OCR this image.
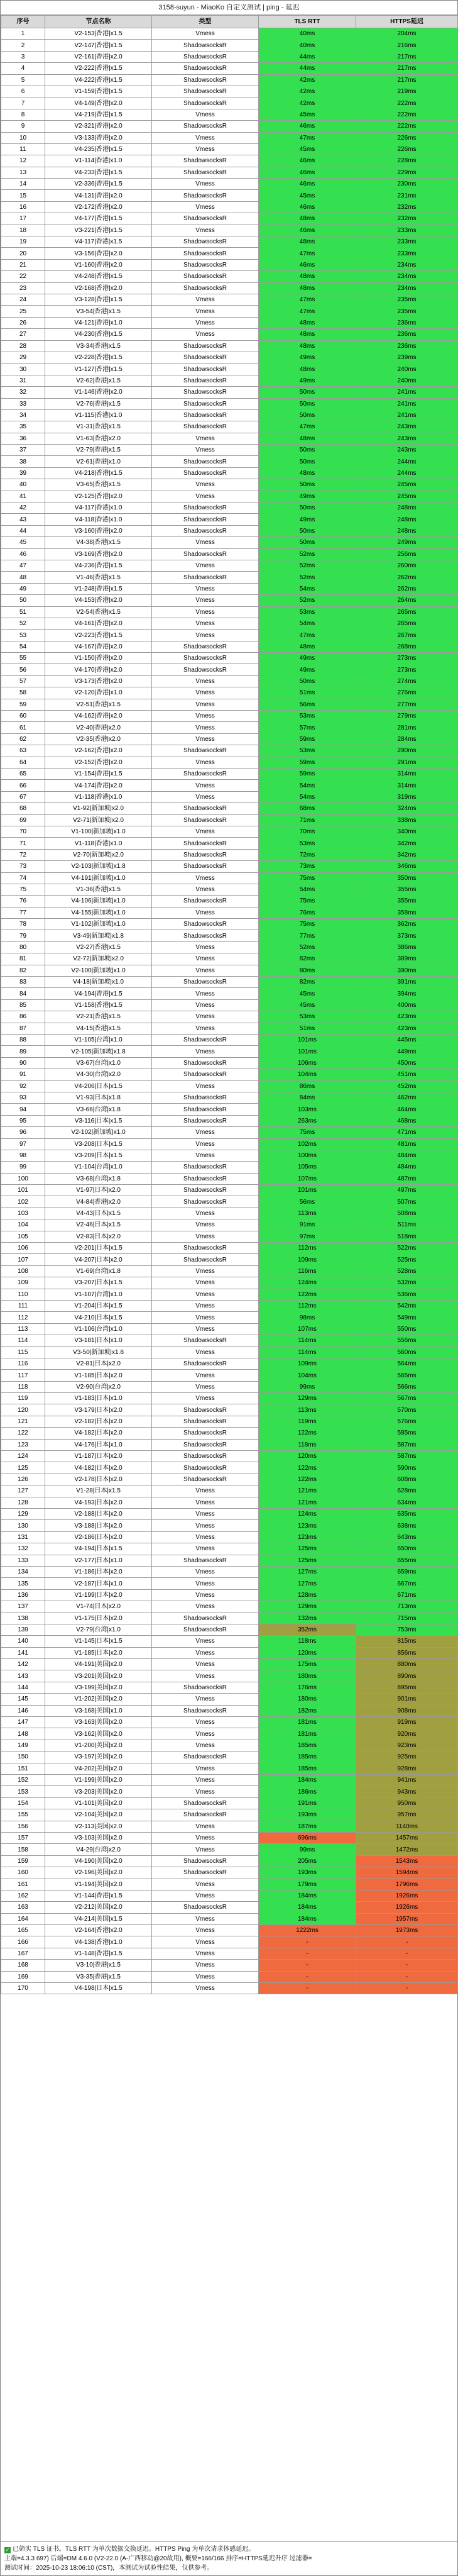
3158-suyun - MiaoKo 自定义测试 | ping - 延迟
序号	节点名称	类型	TLS RTT	HTTPS延迟
1	V2-153|香港|x1.5	Vmess	40ms	204ms
2	V2-147|香港|x1.5	ShadowsocksR	40ms	216ms
3	V2-161|香港|x2.0	ShadowsocksR	44ms	217ms
4	V2-222|香港|x1.5	ShadowsocksR	44ms	217ms
5	V4-222|香港|x1.5	ShadowsocksR	42ms	217ms
6	V1-159|香港|x1.5	ShadowsocksR	42ms	219ms
7	V4-149|香港|x2.0	ShadowsocksR	42ms	222ms
8	V4-219|香港|x1.5	Vmess	45ms	222ms
9	V2-321|香港|x2.0	ShadowsocksR	46ms	222ms
10	V3-133|香港|x2.0	Vmess	47ms	226ms
11	V4-235|香港|x1.5	Vmess	45ms	226ms
12	V1-114|香港|x1.0	ShadowsocksR	46ms	228ms
13	V4-233|香港|x1.5	ShadowsocksR	46ms	229ms
14	V2-336|香港|x1.5	Vmess	46ms	230ms
15	V4-131|香港|x2.0	ShadowsocksR	45ms	231ms
16	V2-172|香港|x2.0	Vmess	46ms	232ms
17	V4-177|香港|x1.5	ShadowsocksR	48ms	232ms
18	V3-221|香港|x1.5	Vmess	46ms	233ms
19	V4-117|香港|x1.5	ShadowsocksR	48ms	233ms
20	V3-156|香港|x2.0	ShadowsocksR	47ms	233ms
21	V1-160|香港|x2.0	ShadowsocksR	46ms	234ms
22	V4-248|香港|x1.5	ShadowsocksR	48ms	234ms
23	V2-168|香港|x2.0	ShadowsocksR	48ms	234ms
24	V3-128|香港|x1.5	Vmess	47ms	235ms
25	V3-54|香港|x1.5	Vmess	47ms	235ms
26	V4-121|香港|x1.0	Vmess	48ms	236ms
27	V4-230|香港|x1.5	Vmess	48ms	236ms
28	V3-34|香港|x1.5	ShadowsocksR	48ms	236ms
29	V2-228|香港|x1.5	ShadowsocksR	49ms	239ms
30	V1-127|香港|x1.5	ShadowsocksR	48ms	240ms
31	V2-62|香港|x1.5	ShadowsocksR	49ms	240ms
32	V1-146|香港|x2.0	ShadowsocksR	50ms	241ms
33	V2-76|香港|x1.5	ShadowsocksR	50ms	241ms
34	V1-115|香港|x1.0	ShadowsocksR	50ms	241ms
35	V1-31|香港|x1.5	ShadowsocksR	47ms	243ms
36	V1-63|香港|x2.0	Vmess	48ms	243ms
37	V2-79|香港|x1.5	Vmess	50ms	243ms
38	V2-61|香港|x1.0	ShadowsocksR	50ms	244ms
39	V4-218|香港|x1.5	ShadowsocksR	48ms	244ms
40	V3-65|香港|x1.5	Vmess	50ms	245ms
41	V2-125|香港|x2.0	Vmess	49ms	245ms
42	V4-117|香港|x1.0	ShadowsocksR	50ms	248ms
43	V4-118|香港|x1.0	ShadowsocksR	49ms	248ms
44	V3-160|香港|x2.0	ShadowsocksR	50ms	248ms
45	V4-38|香港|x1.5	Vmess	50ms	249ms
46	V3-169|香港|x2.0	ShadowsocksR	52ms	256ms
47	V4-236|香港|x1.5	Vmess	52ms	260ms
48	V1-46|香港|x1.5	ShadowsocksR	52ms	262ms
49	V1-248|香港|x1.5	Vmess	54ms	262ms
50	V4-153|香港|x2.0	Vmess	52ms	264ms
51	V2-54|香港|x1.5	Vmess	53ms	265ms
52	V4-161|香港|x2.0	Vmess	54ms	265ms
53	V2-223|香港|x1.5	Vmess	47ms	267ms
54	V4-167|香港|x2.0	ShadowsocksR	48ms	268ms
55	V1-150|香港|x2.0	ShadowsocksR	49ms	273ms
56	V4-170|香港|x2.0	ShadowsocksR	49ms	273ms
57	V3-173|香港|x2.0	Vmess	50ms	274ms
58	V2-120|香港|x1.0	Vmess	51ms	276ms
59	V2-51|香港|x1.5	Vmess	56ms	277ms
60	V4-162|香港|x2.0	Vmess	53ms	279ms
61	V2-40|香港|x2.0	Vmess	57ms	281ms
62	V2-35|香港|x2.0	Vmess	59ms	284ms
63	V2-162|香港|x2.0	ShadowsocksR	53ms	290ms
64	V2-152|香港|x2.0	Vmess	59ms	291ms
65	V1-154|香港|x1.5	ShadowsocksR	59ms	314ms
66	V4-174|香港|x2.0	Vmess	54ms	314ms
67	V1-118|香港|x1.0	Vmess	54ms	319ms
68	V1-92|新加坡|x2.0	ShadowsocksR	68ms	324ms
69	V2-71|新加坡|x2.0	ShadowsocksR	71ms	338ms
70	V1-100|新加坡|x1.0	Vmess	70ms	340ms
71	V1-118|香港|x1.0	ShadowsocksR	53ms	342ms
72	V2-70|新加坡|x2.0	ShadowsocksR	72ms	342ms
73	V2-103|新加坡|x1.8	ShadowsocksR	73ms	346ms
74	V4-191|新加坡|x1.0	Vmess	75ms	350ms
75	V1-36|香港|x1.5	Vmess	54ms	355ms
76	V4-106|新加坡|x1.0	ShadowsocksR	75ms	355ms
77	V4-155|新加坡|x1.0	Vmess	76ms	358ms
78	V1-102|新加坡|x1.0	ShadowsocksR	75ms	362ms
79	V3-49|新加坡|x1.8	ShadowsocksR	77ms	373ms
80	V2-27|香港|x1.5	Vmess	52ms	386ms
81	V2-72|新加坡|x2.0	Vmess	82ms	389ms
82	V2-100|新加坡|x1.0	Vmess	80ms	390ms
83	V4-18|新加坡|x1.0	ShadowsocksR	82ms	391ms
84	V4-194|香港|x1.5	Vmess	45ms	394ms
85	V1-158|香港|x1.5	Vmess	45ms	400ms
86	V2-21|香港|x1.5	Vmess	53ms	423ms
87	V4-15|香港|x1.5	Vmess	51ms	423ms
88	V1-105|台湾|x1.0	ShadowsocksR	101ms	445ms
89	V2-105|新加坡|x1.8	Vmess	101ms	449ms
90	V3-67|台湾|x1.0	ShadowsocksR	106ms	450ms
91	V4-30|台湾|x2.0	ShadowsocksR	104ms	451ms
92	V4-206|日本|x1.5	Vmess	86ms	452ms
93	V1-93|日本|x1.8	ShadowsocksR	84ms	462ms
94	V3-66|台湾|x1.8	ShadowsocksR	103ms	464ms
95	V3-116|日本|x1.5	ShadowsocksR	263ms	468ms
96	V2-102|新加坡|x1.0	Vmess	75ms	471ms
97	V3-208|日本|x1.5	Vmess	102ms	481ms
98	V3-209|日本|x1.5	Vmess	100ms	484ms
99	V1-104|台湾|x1.0	ShadowsocksR	105ms	484ms
100	V3-68|台湾|x1.8	ShadowsocksR	107ms	487ms
101	V1-97|日本|x2.0	ShadowsocksR	101ms	497ms
102	V4-84|香港|x2.0	ShadowsocksR	56ms	507ms
103	V4-43|日本|x1.5	Vmess	113ms	508ms
104	V2-46|日本|x1.5	Vmess	91ms	511ms
105	V2-83|日本|x2.0	Vmess	97ms	518ms
106	V2-201|日本|x1.5	ShadowsocksR	112ms	522ms
107	V4-207|日本|x2.0	ShadowsocksR	109ms	525ms
108	V1-69|台湾|x1.8	Vmess	116ms	528ms
109	V3-207|日本|x1.5	Vmess	124ms	532ms
110	V1-107|台湾|x1.0	Vmess	122ms	536ms
111	V1-204|日本|x1.5	Vmess	112ms	542ms
112	V4-210|日本|x1.5	Vmess	98ms	549ms
113	V1-106|台湾|x1.0	Vmess	107ms	550ms
114	V3-181|日本|x1.0	ShadowsocksR	114ms	556ms
115	V3-50|新加坡|x1.8	Vmess	114ms	560ms
116	V2-81|日本|x2.0	ShadowsocksR	109ms	564ms
117	V1-185|日本|x2.0	Vmess	104ms	565ms
118	V2-90|台湾|x2.0	Vmess	99ms	566ms
119	V1-183|日本|x1.0	Vmess	129ms	567ms
120	V3-179|日本|x2.0	ShadowsocksR	113ms	570ms
121	V2-182|日本|x2.0	ShadowsocksR	119ms	576ms
122	V4-182|日本|x2.0	ShadowsocksR	122ms	585ms
123	V4-176|日本|x1.0	ShadowsocksR	118ms	587ms
124	V1-187|日本|x2.0	ShadowsocksR	120ms	587ms
125	V4-182|日本|x2.0	ShadowsocksR	122ms	590ms
126	V2-178|日本|x2.0	ShadowsocksR	122ms	608ms
127	V1-28|日本|x1.5	Vmess	121ms	628ms
128	V4-193|日本|x2.0	Vmess	121ms	634ms
129	V2-188|日本|x2.0	Vmess	124ms	635ms
130	V3-188|日本|x2.0	Vmess	123ms	638ms
131	V2-186|日本|x2.0	Vmess	123ms	643ms
132	V4-194|日本|x1.5	Vmess	125ms	650ms
133	V2-177|日本|x1.0	ShadowsocksR	125ms	655ms
134	V1-186|日本|x2.0	Vmess	127ms	659ms
135	V2-187|日本|x1.0	Vmess	127ms	667ms
136	V1-199|日本|x2.0	Vmess	128ms	671ms
137	V1-74|日本|x2.0	Vmess	129ms	713ms
138	V1-175|日本|x2.0	ShadowsocksR	132ms	715ms
139	V2-79|台湾|x1.0	ShadowsocksR	352ms	753ms
140	V1-145|日本|x1.5	Vmess	118ms	815ms
141	V1-185|日本|x2.0	Vmess	120ms	856ms
142	V4-191|美国|x2.0	Vmess	175ms	880ms
143	V3-201|美国|x2.0	Vmess	180ms	890ms
144	V3-199|美国|x2.0	ShadowsocksR	176ms	895ms
145	V1-202|美国|x2.0	Vmess	180ms	901ms
146	V3-168|美国|x1.0	ShadowsocksR	182ms	908ms
147	V3-163|美国|x2.0	Vmess	181ms	919ms
148	V3-162|美国|x2.0	Vmess	181ms	920ms
149	V1-200|美国|x2.0	Vmess	185ms	923ms
150	V3-197|美国|x2.0	ShadowsocksR	185ms	925ms
151	V4-202|美国|x2.0	Vmess	185ms	928ms
152	V1-199|美国|x2.0	Vmess	184ms	941ms
153	V3-203|美国|x2.0	Vmess	186ms	943ms
154	V1-101|美国|x2.0	ShadowsocksR	191ms	950ms
155	V2-104|美国|x2.0	ShadowsocksR	193ms	957ms
156	V2-113|美国|x2.0	Vmess	187ms	1140ms
157	V3-103|美国|x2.0	Vmess	696ms	1457ms
158	V4-29|台湾|x2.0	Vmess	99ms	1472ms
159	V4-190|美国|x2.0	ShadowsocksR	205ms	1543ms
160	V2-196|美国|x2.0	ShadowsocksR	193ms	1594ms
161	V1-194|美国|x2.0	Vmess	179ms	1796ms
162	V1-144|香港|x1.5	Vmess	184ms	1926ms
163	V2-212|美国|x2.0	ShadowsocksR	184ms	1926ms
164	V4-214|美国|x1.5	Vmess	184ms	1957ms
165	V2-164|香港|x2.0	Vmess	1222ms	1973ms
166	V4-138|香港|x1.0	Vmess	-	-
167	V1-148|香港|x1.5	Vmess	-	-
168	V3-10|香港|x1.5	Vmess	-	-
169	V3-35|香港|x1.5	Vmess	-	-
170	V4-198|日本|x1.5	Vmess	-	-
✓ 已筛实 TLS 证书。TLS RTT 为单次数据交换延迟。HTTPS Ping 为单次请求体感延迟。
主端=4.3.3 697) 后端=DM 4.6.0 (V2-22.0 (A-广西移动@20故用), 概要=166/166 排序=HTTPS延迟升序 过滤器=
测试时间：2025-10-23 18:06:10 (CST)，本测试为试验性结果，仅供参考。
